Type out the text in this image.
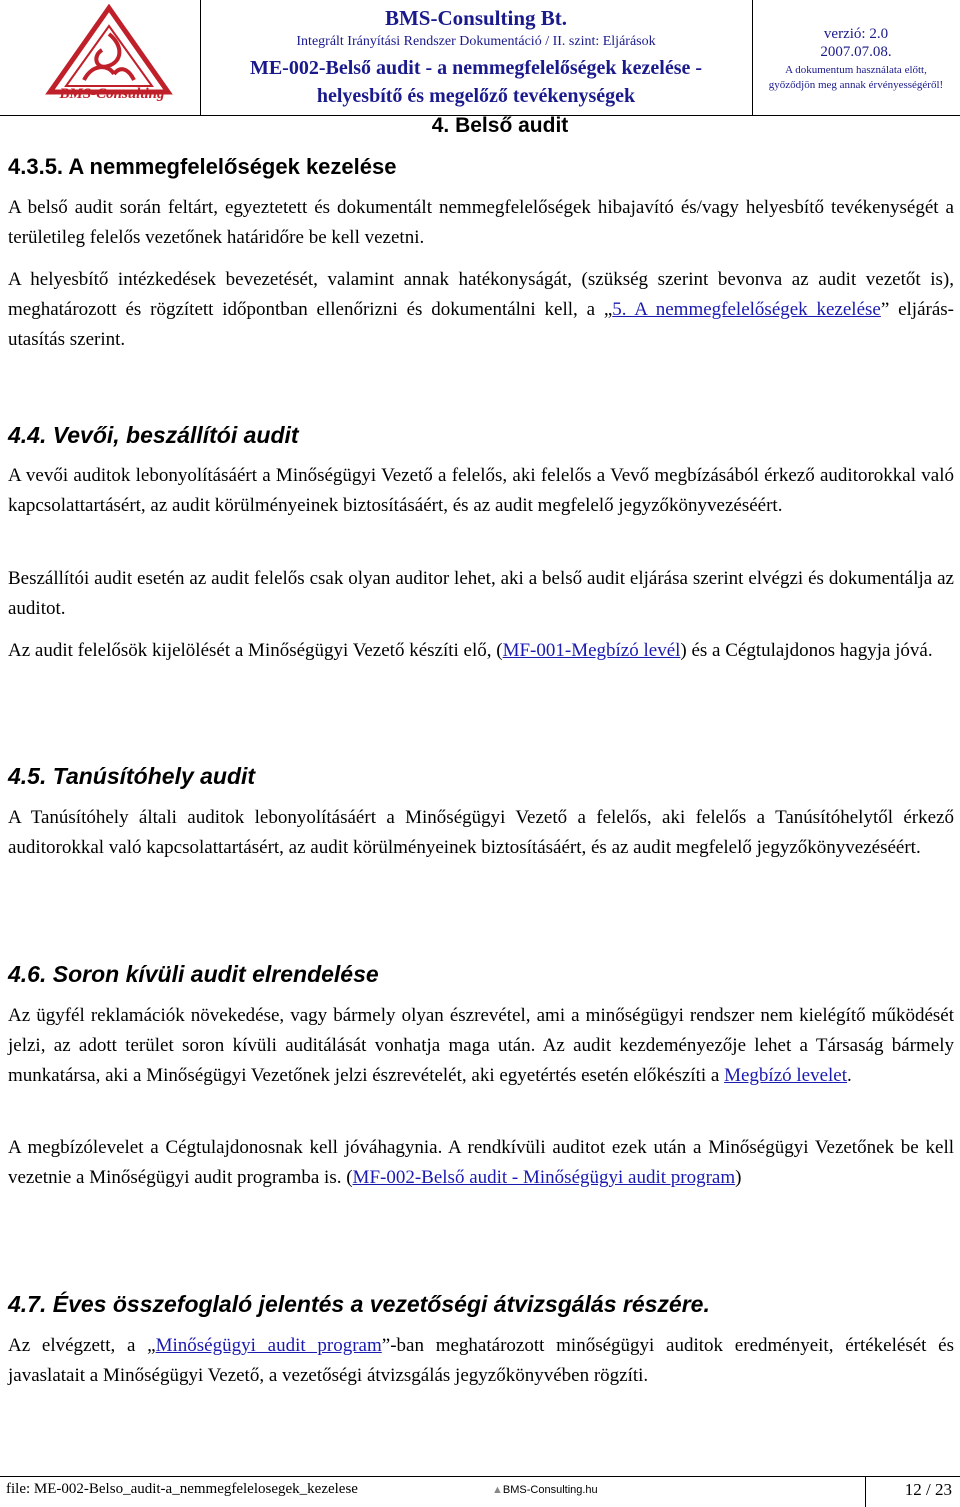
BMS-Consulting
BMS-Consulting Bt.
Integrált Irányítási Rendszer Dokumentáció / II. szint: Eljárások
ME-002-Belső audit - a nemmegfelelőségek kezelése -
helyesbítő és megelőző tevékenységek
verzió: 2.0
2007.07.08.
A dokumentum használata előtt,
győződjön meg annak érvényességéről!
4. Belső audit
4.3.5. A nemmegfelelőségek kezelése
A belső audit során feltárt, egyeztetett és dokumentált nemmegfelelőségek hibajavító és/vagy helyesbítő tevékenységét a területileg felelős vezetőnek határidőre be kell vezetni.
A helyesbítő intézkedések bevezetését, valamint annak hatékonyságát, (szükség szerint bevonva az audit vezetőt is), meghatározott és rögzített időpontban ellenőrizni és dokumentálni kell, a „5. A nemmegfelelőségek kezelése” eljárás-utasítás szerint.
4.4. Vevői, beszállítói audit
A vevői auditok lebonyolításáért a Minőségügyi Vezető a felelős, aki felelős a Vevő megbízásából érkező auditorokkal való kapcsolattartásért, az audit körülményeinek biztosításáért, és az audit megfelelő jegyzőkönyvezéséért.
Beszállítói audit esetén az audit felelős csak olyan auditor lehet, aki a belső audit eljárása szerint elvégzi és dokumentálja az auditot.
Az audit felelősök kijelölését a Minőségügyi Vezető készíti elő, (MF-001-Megbízó levél) és a Cégtulajdonos hagyja jóvá.
4.5. Tanúsítóhely audit
A Tanúsítóhely általi auditok lebonyolításáért a Minőségügyi Vezető a felelős, aki felelős a Tanúsítóhelytől érkező auditorokkal való kapcsolattartásért, az audit körülményeinek biztosításáért, és az audit megfelelő jegyzőkönyvezéséért.
4.6. Soron kívüli audit elrendelése
Az ügyfél reklamációk növekedése, vagy bármely olyan észrevétel, ami a minőségügyi rendszer nem kielégítő működését jelzi, az adott terület soron kívüli auditálását vonhatja maga után. Az audit kezdeményezője lehet a Társaság bármely munkatársa, aki a Minőségügyi Vezetőnek jelzi észrevételét, aki egyetértés esetén előkészíti a Megbízó levelet.
A megbízólevelet a Cégtulajdonosnak kell jóváhagynia. A rendkívüli auditot ezek után a Minőségügyi Vezetőnek be kell vezetnie a Minőségügyi audit programba is. (MF-002-Belső audit - Minőségügyi audit program)
4.7. Éves összefoglaló jelentés a vezetőségi átvizsgálás részére.
Az elvégzett, a „Minőségügyi audit program”-ban meghatározott minőségügyi auditok eredményeit, értékelését és javaslatait a Minőségügyi Vezető, a vezetőségi átvizsgálás jegyzőkönyvében rögzíti.
file: ME-002-Belso_audit-a_nemmegfelelosegek_kezelese	▲BMS-Consulting.hu	12 / 23
